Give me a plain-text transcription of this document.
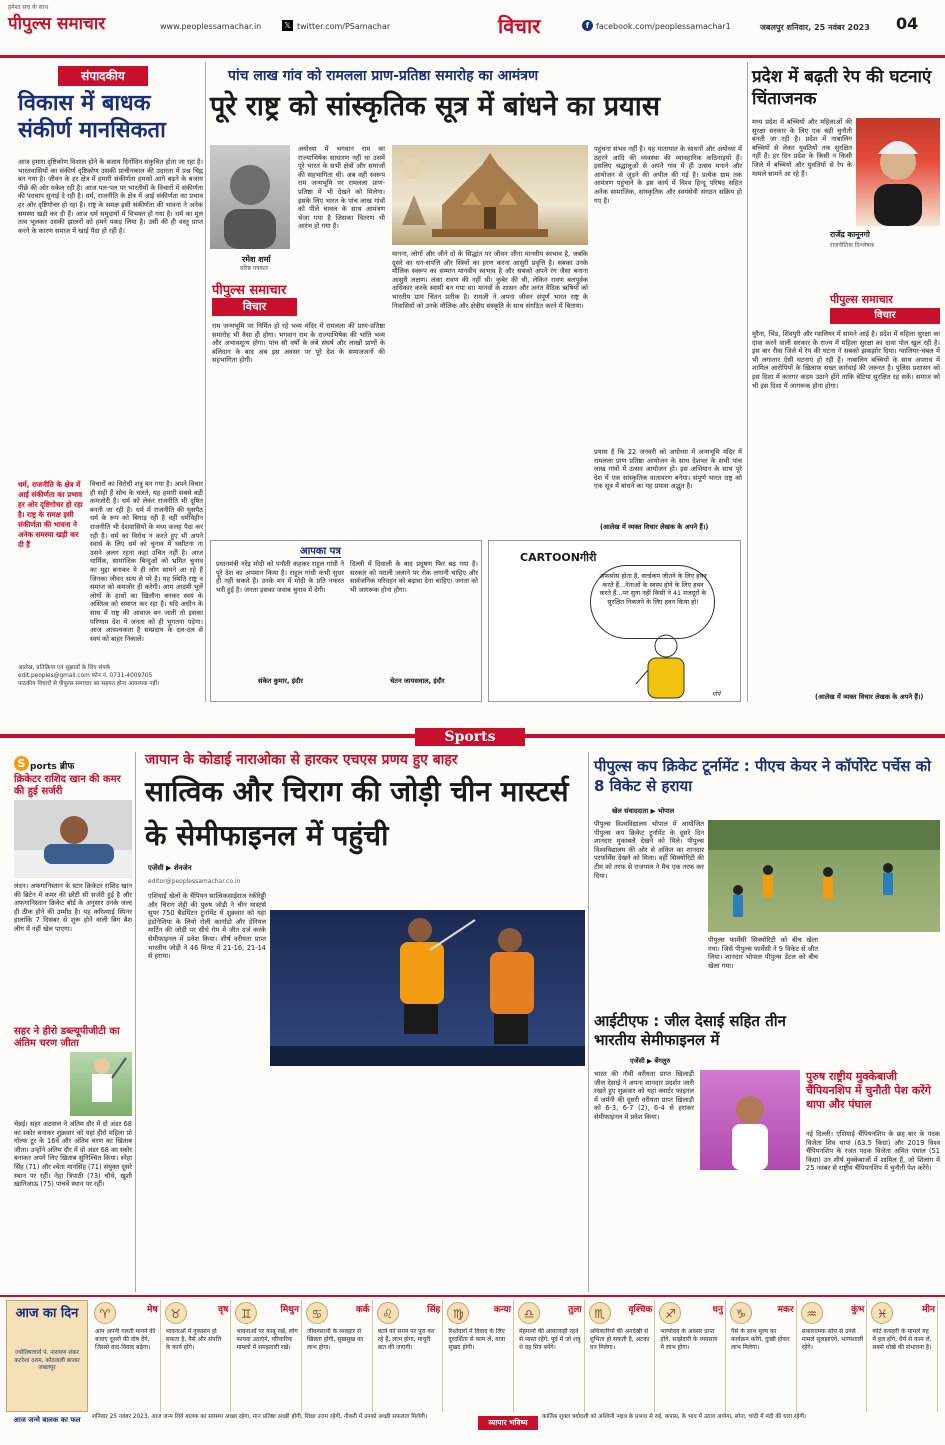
हमेशा सच के साथ
पीपुल्स समाचार	www.peoplessamachar.in	𝕏 twitter.com/PSamachar	विचार	f facebook.com/peoplessamachar1	जबलपुर शनिवार, 25 नवंबर 2023 04
संपादकीय
विकास में बाधक संकीर्ण मानसिकता
आज हमारा दृष्टिकोण विशाल होने के बजाय दिनोंदिन संकुचित होता जा रहा है। भारतवासियों का संकीर्ण दृष्टिकोण उसकी प्राचीनकाल की उदारता में प्रश्न चिह्न बन गया है। जीवन के हर क्षेत्र में हमारी संकीर्णता हमको आगे बढ़ने के बजाय पीछे की ओर धकेल रही है। आज पल-पल पर भारतीयों के विचारों में संकीर्णता की पदचाप सुनाई दे रही है। धर्म, राजनीति के क्षेत्र में आई संकीर्णता का प्रभाव हर ओर दृष्टिगोचर हो रहा है। राष्ट्र के समक्ष इसी संकीर्णता की भावना ने अनेक समस्या खड़ी कर दी हैं। आज धर्म समुदायों में विभक्त हो गया है। धर्म का मूल तत्व भूलकर उसकी झालरों को हमने पकड़ लिया है। उसी की ही वस्तु प्राप्त करने के कारण समाज में खाई पैदा हो रही है।
विचारों का विरोधी शत्रु बन गया है। अपने विचार ही सही हैं सोच के चलते, यह हमारी सबसे बड़ी कमजोरी है। धर्म को लेकर राजनीति भी दूषित बनती जा रही है। धर्म में राजनीति की घुसपैठ धर्म के रूप को बिगाड़ रही है वहीं धर्मविहीन राजनीति भी देशवासियों के मध्य कलह पैदा कर रही है। धर्म का विरोध न करते हुए भी अपने स्वार्थ के लिए धर्म को चुनाव में घसीटना ना उसने अलग रहना कहां उचित नहीं है। आज धार्मिक, सामाजिक बिन्दुओं को भ्रमित चुनाव का मुद्दा बनाकर ये ही लोग सामने आ रहे हैं जिनका जीवन सत्य से परे है। यह स्थिति राष्ट्र व समाज को कमजोर ही करेगी। आम आदमी भूलें लोगों के हाथों का खिलौना बनकर स्वयं के अस्तित्व को समाप्त कर रहा है। यदि अधीन के साथ में राष्ट्र की आवाज बन जाती तो इसका परिणाम देश में जनता को ही भुगतना पड़ेगा। आज आवश्यकता है सम्प्रदाय के दल-दल से स्वयं को बाहर निकालें।
धर्म, राजनीति के क्षेत्र में आई संकीर्णता का प्रभाव हर ओर दृष्टिगोचर हो रहा है। राष्ट्र के समक्ष इसी संकीर्णता की भावना ने अनेक समस्या खड़ी कर दी हैं
आलेख, प्रतिक्रिया एवं सुझावों के लिए संपर्क
edit.peoples@gmail.com फोन नं. 0731-4009705
पाठकीय विचारों से पीपुल्स समाचार का सहमत होना आवश्यक नहीं।
पांच लाख गांव को रामलला प्राण-प्रतिष्ठा समारोह का आमंत्रण
पूरे राष्ट्र को सांस्कृतिक सूत्र में बांधने का प्रयास
रमेश शर्मा
वरिष्ठ पत्रकार
पीपुल्स समाचार
विचार
अयोध्या में भगवान राम का राज्याभिषेक साधारण नहीं था उसमें पूरे भारत के सभी क्षेत्रों और समाजों की सहभागिता थी। अब वही स्वरूप राम जन्मभूमि पर रामलला प्राण-प्रतिष्ठा में भी देखने को मिलेगा। इसके लिए भारत के पांच लाख गांवों को पीले चावल के साथ आमंत्रण भेजा गया है जिसका वितरण भी आरंभ हो गया है।
राम जन्मभूमि पर निर्मित हो रहे भव्य मंदिर में रामलला की प्राण-प्रतिष्ठा समारोह भी वैसा ही होगा। भगवान राम के राज्याभिषेक की भांति भव्य और अभावशून्य होगा। पांच सौ वर्षों के लंबे संघर्ष और लाखों प्राणों के बलिदान के बाद अब इस अवसर पर पूरे देश के समाजजनों की सहभागिता होगी।
मानना, लोगों और जीने दो के सिद्धांत पर जीवन जीना मानवीय स्वभाव है, जबकि दूसरे का धन-संपत्ति और स्त्रियों का हरण करना आसुरी प्रवृत्ति है। सबका उनके मौलिक स्वरूप का सम्मान मानवीय स्वभाव है और सबको अपने रंग जैसा बनाना आसुरी लक्षण। लंका रावण की नहीं थी। कुबेर की थी, लेकिन रावण बलपूर्वक अधिकार करके स्वामी बन गया था। मानवों के शासन और अनंत वैदिक ऋषियों को भारतीय ग्राम चिंतन प्रतीक है। रामजी ने अपना जीवन संपूर्ण भारत राष्ट्र के निवासियों को उनके मौलिक और क्षेत्रीय संस्कृति के साथ संगठित करने में बिताया।
पहुंचना संभव नहीं है। यह यातायात के साधनों और अयोध्या में ठहरने आदि की व्यवस्था की व्यावहारिक कठिनाइयों हैं। इसलिए श्रद्धालुओं से अपने गांव में ही उत्सव मनाने और आयोजन से जुड़ने की अपील की गई है। प्रत्येक ग्राम तक आमंत्रण पहुंचाने के इस कार्य में विश्व हिन्दू परिषद सहित अनेक सामाजिक, सांस्कृतिक और स्वयंसेवी संगठन सक्रिय हो गए हैं।
प्रयास है कि 22 जनवरी को अयोध्या में जन्मभूमि मंदिर में रामलला प्राण प्रतिष्ठा आयोजन के साथ देशभर के सभी पांच लाख गांवों में उत्सव आयोजन हो। इस अभियान के साथ पूरे देश में एक सांस्कृतिक वातावरण बनेगा। संपूर्ण भारत राष्ट्र को एक सूत्र में बांधने का यह प्रयास अद्भुत है।
(आलेख में व्यक्त विचार लेखक के अपने हैं।)
प्रदेश में बढ़ती रेप की घटनाएं चिंताजनक
मध्य प्रदेश में बच्चियों और महिलाओं की सुरक्षा सरकार के लिए एक बड़ी चुनौती बनती जा रही है। प्रदेश में नाबालिग बच्चियों से लेकर युवतियों तक सुरक्षित नहीं हैं। हर दिन प्रदेश के किसी न किसी जिले में बच्चियों और युवतियों से रेप के मामले सामने आ रहे हैं।
राजेंद्र कानूनगो
राजनीतिक विश्लेषक
पीपुल्स समाचार
विचार
मुरैना, भिंड, शिवपुरी और ग्वालियर में सामने आई है। प्रदेश में महिला सुरक्षा का दावा करने वाली सरकार के राज्य में महिला सुरक्षा का दावा पोल खुल रही है। इस बार रीवा जिले में रेप की घटना ने सबको झकझोर दिया। ग्वालियर-चंबल में भी लगातार ऐसी घटनाएं हो रही हैं। नाबालिग बच्चियों के साथ अपराध में शामिल आरोपियों के खिलाफ सख्त कार्रवाई की जरूरत है। पुलिस प्रशासन को इस दिशा में कारगर कदम उठाने होंगे ताकि बेटियां सुरक्षित रह सकें। समाज को भी इस दिशा में जागरूक होना होगा।
(आलेख में व्यक्त विचार लेखक के अपने हैं।)
आपका पत्र
प्रधानमंत्री नरेंद्र मोदी को पनौती कहकर राहुल गांधी ने पूरे देश का अपमान किया है। राहुल गांधी कभी सुधर ही नहीं सकते हैं। उनके मन में मोदी के प्रति नफरत भरी हुई है। जनता इसका जवाब चुनाव में देगी।
संकेत कुमार, इंदौर
दिल्ली में दिवाली के बाद प्रदूषण फिर बढ़ गया है। सरकार को पराली जलाने पर रोक लगानी चाहिए और सार्वजनिक परिवहन को बढ़ावा देना चाहिए। जनता को भी जागरूक होना होगा।
चेतन जायसवाल, इंदौर
CARTOONगीरी
अफसोस होता है, वर्ल्डकप जीतने के लिए हवन करते हैं...नेताओं के स्वस्थ होने के लिए हवन करते हैं...पर सुना नहीं किसी ने 41 मजदूरों के सुरक्षित निकलने के लिए हवन किया हो!
गोपे
Sports
S ports ब्रीफ
क्रिकेटर राशिद खान की कमर की हुई सर्जरी
लंदन। अफगानिस्तान के स्टार क्रिकेटर राशिद खान की ब्रिटेन में कमर की छोटी सी सर्जरी हुई है और अफगानिस्तान क्रिकेट बोर्ड के अनुसार उनके जल्द ही ठीक होने की उम्मीद है। यह करिश्माई स्पिनर हालांकि 7 दिसंबर से शुरू होने वाली बिग बैश लीग में नहीं खेल पाएगा।
सहर ने हीरो डब्ल्यूपीजीटी का अंतिम चरण जीता
चेन्नई। सहर अटवाल ने अंतिम दौर में दो अंडर 68 का स्कोर बनाकर शुक्रवार को यहां हीरो महिला प्रो गोल्फ टूर के 16वें और अंतिम चरण का खिताब जीता। उन्होंने अंतिम दौर में दो अंडर 68 का स्कोर बनाकर अपने लिए खिताब सुनिश्चित किया। स्नेहा सिंह (71) और श्वेता मानसिंह (71) संयुक्त दूसरे स्थान पर रहीं। नेहा त्रिपाठी (73) चौथे, ख़ुशी ख़ानिजाऊ (75) पांचवें स्थान पर रहीं।
जापान के कोडाई नाराओका से हारकर एचएस प्रणय हुए बाहर
सात्विक और चिराग की जोड़ी चीन मास्टर्स के सेमीफाइनल में पहुंची
एजेंसी ▶ शेनजेन
editor@peoplessamachar.co.in
एशियाई खेलों के चैंपियन सात्विकसाईराज रंकीरेड्डी और चिराग शेट्टी की पुरुष जोड़ी ने चीन मास्टर्स सुपर 750 बैडमिंटन टूर्नामेंट में शुक्रवार को यहां इंडोनेशिया के लियो रोली कार्नांडो और डेनियल मार्टिन की जोड़ी पर सीधे गेम में जीत दर्ज करके सेमीफाइनल में प्रवेश किया। शीर्ष वरीयता प्राप्त भारतीय जोड़ी ने 46 मिनट में 21-16, 21-14 से हराया।
पीपुल्स कप क्रिकेट टूर्नामेंट : पीएच केयर ने कॉर्पोरेट पर्चेस को 8 विकेट से हराया
खेल संवाददाता ▶ भोपाल
पीपुल्स विश्वविद्यालय भोपाल में आयोजित पीपुल्स कप क्रिकेट टूर्नामेंट के दूसरे दिन शानदार मुकाबले देखने को मिले। पीपुल्स विश्वविद्यालय की ओर से अंकित का शानदार परफॉर्मेंस देखने को मिला। वहीं सिक्योरिटी की टीम को तरफ से राजपाल ने मैच एक तरफ कर दिया।
पीपुल्स फार्मेसी सिक्योरिटी को बीच खेला गया। जिसे पीपुल्स फार्मेसी ने 9 विकेट से जीत लिया। शानदार भोपाल पीपुल्स डेंटल को बीच खेला गया।
आईटीएफ : जील देसाई सहित तीन भारतीय सेमीफाइनल में
एजेंसी ▶ बेंगलुरु
भारत की नौवीं वरीयता प्राप्त खिलाड़ी जील देसाई ने अपना शानदार प्रदर्शन जारी रखते हुए शुक्रवार को यहां क्वार्टर फाइनल में जर्मनी की दूसरी वरीयता प्राप्त खिलाड़ी को 6-3, 6-7 (2), 6-4 से हराकर सेमीफाइनल में प्रवेश किया।
पुरुष राष्ट्रीय मुक्केबाजी चैंपियनशिप में चुनौती पेश करेंगे थापा और पंघाल
नई दिल्ली। एशियाई चैंपियनशिप के छह बार के पदक विजेता शिव थापा (63.5 किग्रा) और 2019 विश्व चैंपियनशिप के रजत पदक विजेता अमित पंघाल (51 किग्रा) उन शीर्ष मुक्केबाजों में शामिल हैं, जो शिलांग में 25 नवंबर से राष्ट्रीय चैंपियनशिप में चुनौती पेश करेंगे।
आज का दिन
ज्योतिषाचार्य पं. नारायण शंकर कटरेशा दशम, कोठवाली बाजार जबलपुर
आज जन्मे बालक का फल
♈	मेष
आप अपनी गलती मानने की बजाए दूसरों की दोष देंगे, जिससे वाद-विवाद बढ़ेगा।
♉	वृष
भावनाओं में नुकसान हो सकता है, पैसे और संपत्ति के कार्य होंगे।
♊	मिथुन
भावनाओं पर काबू रखें, लोग फायदा उठाएंगे, परिवारिक मामलों में समझदारी रखें।
♋	कर्क
जीवनसाथी के व्यवहार से खिन्नता होगी, सुखसुख का लाभ होगा।
♌	सिंह
कार्य को समय पर पूरा कर रहे हैं, लाभ होगा, माचुरी बात की जाएगी।
♍	कन्या
रिश्तेदारों में विवाद के लिए दूरदर्शिता से काम लें, यात्रा सुखद होगी।
♎	तुला
मेहमानों की आवाजाही रहने से व्यस्त रहेंगे, पूर्व में जो शत्रु थे वह मित्र बनेंगे।
♏	वृश्चिक
अधिकारियों की अनदेखी से शुभिता हो सकती है, अटका धन मिलेगा।
♐	धनु
भाग्योदय के अवसर प्राप्त होंगे, साझेदारी के व्यवसाय में लाभ होगा।
♑	मकर
पैसे के साथ मूल्य का कार्यक्रम करेंगे, दुःखी होकर लाभ मिलेगा।
♒	कुंभ
सकारात्मक सोच से उनसे मामले सुलझाएंगे, भाग्यशाली रहेंगे।
♓	मीन
कोर्ट कचहरी के मामले यह में हल होंगे, धैर्य से काम लें, सबसे धोखे की संभावना है।
शनिवार 25 नवंबर 2023, आज जन्म लिये बालक का स्वास्थ्य अच्छा रहेगा, मान प्रतिष्ठा अच्छी होगी, शिक्षा उत्तम रहेगी, नौकरी में उनको अच्छी सफलता मिलेगी।
व्यापार भविष्य
कार्तिक शुक्ल त्रयोदशी को अश्विनी नक्षत्र के प्रभाव से रुई, कपास, के भाव में उठाव आयेगा, सोना, चांदी में मंदी की धारा रहेगी।
